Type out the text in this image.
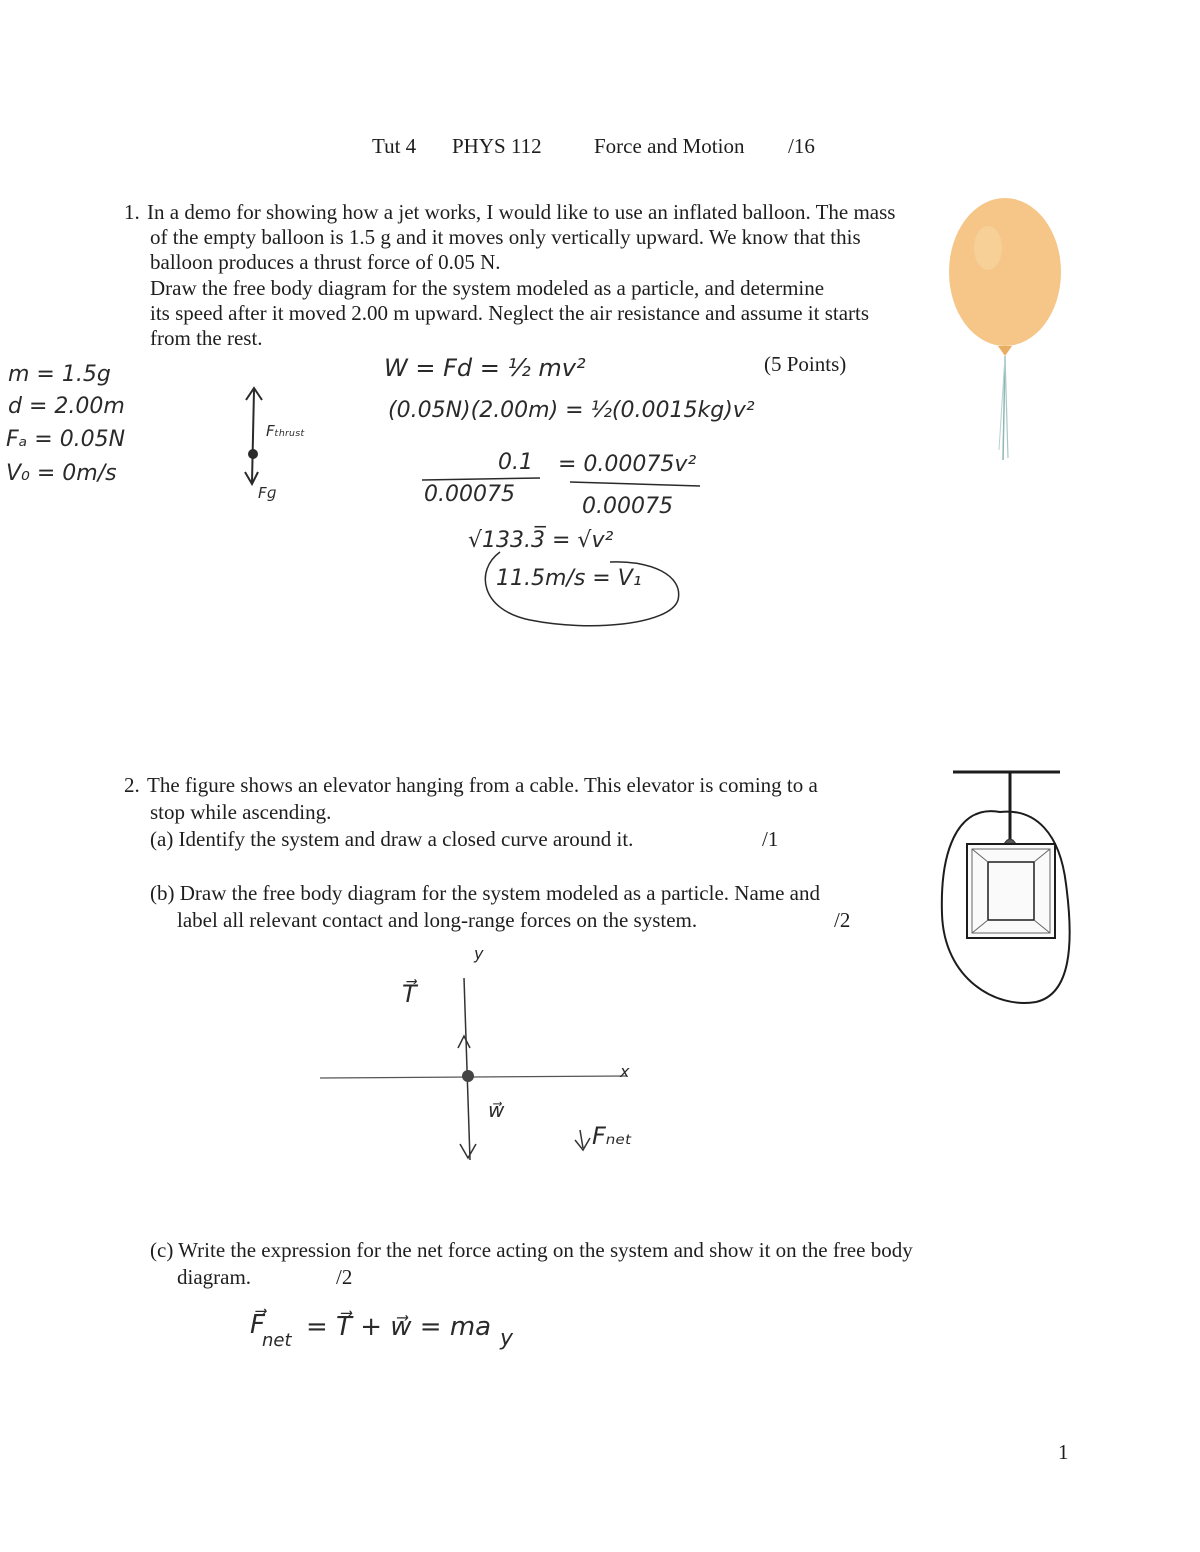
Tut 4 PHYS 112 Force and Motion /16
1. In a demo for showing how a jet works, I would like to use an inflated balloon. The mass
of the empty balloon is 1.5 g and it moves only vertically upward. We know that this
balloon produces a thrust force of 0.05 N.
Draw the free body diagram for the system modeled as a particle, and determine
its speed after it moved 2.00 m upward. Neglect the air resistance and assume it starts
from the rest.
(5 Points)
m = 1.5g
d = 2.00m
Fₐ = 0.05N
V₀ = 0m/s
Fₜₕᵣᵤₛₜ
Fɡ
W = Fd = ½ mv²
(0.05N)(2.00m) = ½(0.0015kg)v²
0.1 = 0.00075v²
0.00075	0.00075
√133.3̅ = √v²
11.5m/s = V₁
2. The figure shows an elevator hanging from a cable. This elevator is coming to a
stop while ascending.
(a) Identify the system and draw a closed curve around it.	/1
(b) Draw the free body diagram for the system modeled as a particle. Name and
label all relevant contact and long-range forces on the system.	/2
T⃗
w⃗
x
y
Fₙₑₜ
(c) Write the expression for the net force acting on the system and show it on the free body
diagram.	/2
F⃗
net = T⃗ + w⃗ = ma y
1
